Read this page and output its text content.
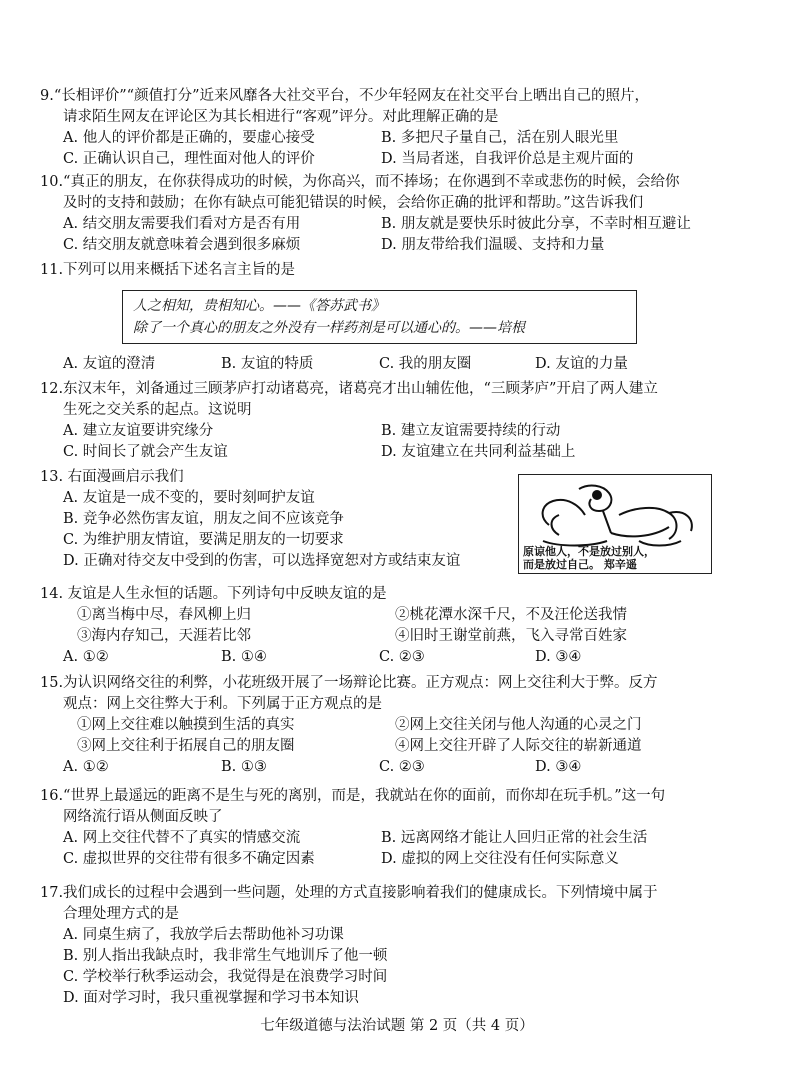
9.“长相评价”“颜值打分”近来风靡各大社交平台，不少年轻网友在社交平台上晒出自己的照片，
请求陌生网友在评论区为其长相进行“客观”评分。对此理解正确的是
A. 他人的评价都是正确的，要虚心接受	B. 多把尺子量自己，活在别人眼光里
C. 正确认识自己，理性面对他人的评价	D. 当局者迷，自我评价总是主观片面的
10.“真正的朋友，在你获得成功的时候，为你高兴，而不捧场；在你遇到不幸或悲伤的时候，会给你
及时的支持和鼓励；在你有缺点可能犯错误的时候，会给你正确的批评和帮助。”这告诉我们
A. 结交朋友需要我们看对方是否有用	B. 朋友就是要快乐时彼此分享，不幸时相互避让
C. 结交朋友就意味着会遇到很多麻烦	D. 朋友带给我们温暖、支持和力量
11.下列可以用来概括下述名言主旨的是
人之相知，贵相知心。——《答苏武书》
除了一个真心的朋友之外没有一样药剂是可以通心的。——培根
A. 友谊的澄清	B. 友谊的特质	C. 我的朋友圈	D. 友谊的力量
12.东汉末年，刘备通过三顾茅庐打动诸葛亮，诸葛亮才出山辅佐他，“三顾茅庐”开启了两人建立
生死之交关系的起点。这说明
A. 建立友谊要讲究缘分	B. 建立友谊需要持续的行动
C. 时间长了就会产生友谊	D. 友谊建立在共同利益基础上
13. 右面漫画启示我们
A. 友谊是一成不变的，要时刻呵护友谊
B. 竞争必然伤害友谊，朋友之间不应该竞争
C. 为维护朋友情谊，要满足朋友的一切要求
D. 正确对待交友中受到的伤害，可以选择宽恕对方或结束友谊
原谅他人，不是放过别人，
而是放过自己。 郑辛遥
14. 友谊是人生永恒的话题。下列诗句中反映友谊的是
①离当梅中尽，春风柳上归	②桃花潭水深千尺，不及汪伦送我情
③海内存知己，天涯若比邻	④旧时王谢堂前燕，飞入寻常百姓家
A. ①②	B. ①④	C. ②③	D. ③④
15.为认识网络交往的利弊，小花班级开展了一场辩论比赛。正方观点：网上交往利大于弊。反方
观点：网上交往弊大于利。下列属于正方观点的是
①网上交往难以触摸到生活的真实	②网上交往关闭与他人沟通的心灵之门
③网上交往利于拓展自己的朋友圈	④网上交往开辟了人际交往的崭新通道
A. ①②	B. ①③	C. ②③	D. ③④
16.“世界上最遥远的距离不是生与死的离别，而是，我就站在你的面前，而你却在玩手机。”这一句
网络流行语从侧面反映了
A. 网上交往代替不了真实的情感交流	B. 远离网络才能让人回归正常的社会生活
C. 虚拟世界的交往带有很多不确定因素	D. 虚拟的网上交往没有任何实际意义
17.我们成长的过程中会遇到一些问题，处理的方式直接影响着我们的健康成长。下列情境中属于
合理处理方式的是
A. 同桌生病了，我放学后去帮助他补习功课
B. 别人指出我缺点时，我非常生气地训斥了他一顿
C. 学校举行秋季运动会，我觉得是在浪费学习时间
D. 面对学习时，我只重视掌握和学习书本知识
七年级道德与法治试题 第 2 页（共 4 页）
